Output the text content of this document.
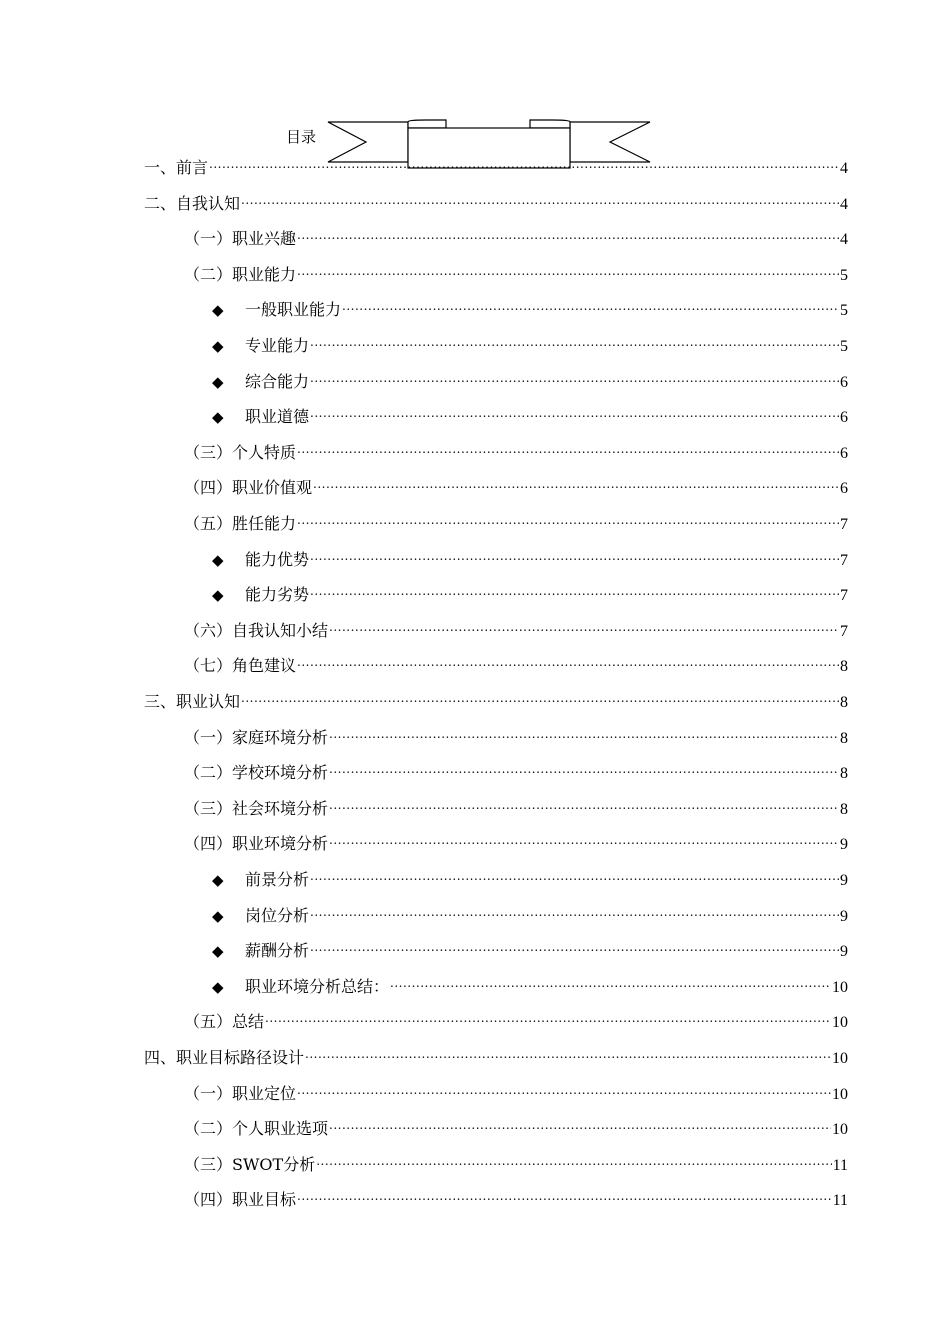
目录
一、前言 .....	4
二、自我认知 .....	4
（一）职业兴趣 .....	4
（二）职业能力 .....	5
◆	一般职业能力 .....	5
◆	专业能力 .....	5
◆	综合能力 .....	6
◆	职业道德 .....	6
（三）个人特质 .....	6
（四）职业价值观 .....	6
（五）胜任能力 .....	7
◆	能力优势 .....	7
◆	能力劣势 .....	7
（六）自我认知小结 .....	7
（七）角色建议 .....	8
三、职业认知 .....	8
（一）家庭环境分析 .....	8
（二）学校环境分析 .....	8
（三）社会环境分析 .....	8
（四）职业环境分析 .....	9
◆	前景分析 .....	9
◆	岗位分析 .....	9
◆	薪酬分析 .....	9
◆	职业环境分析总结： .....	10
（五）总结 .....	10
四、职业目标路径设计 .....	10
（一）职业定位 .....	10
（二）个人职业选项 .....	10
（三）SWOT分析 .....	11
（四）职业目标 .....	11
